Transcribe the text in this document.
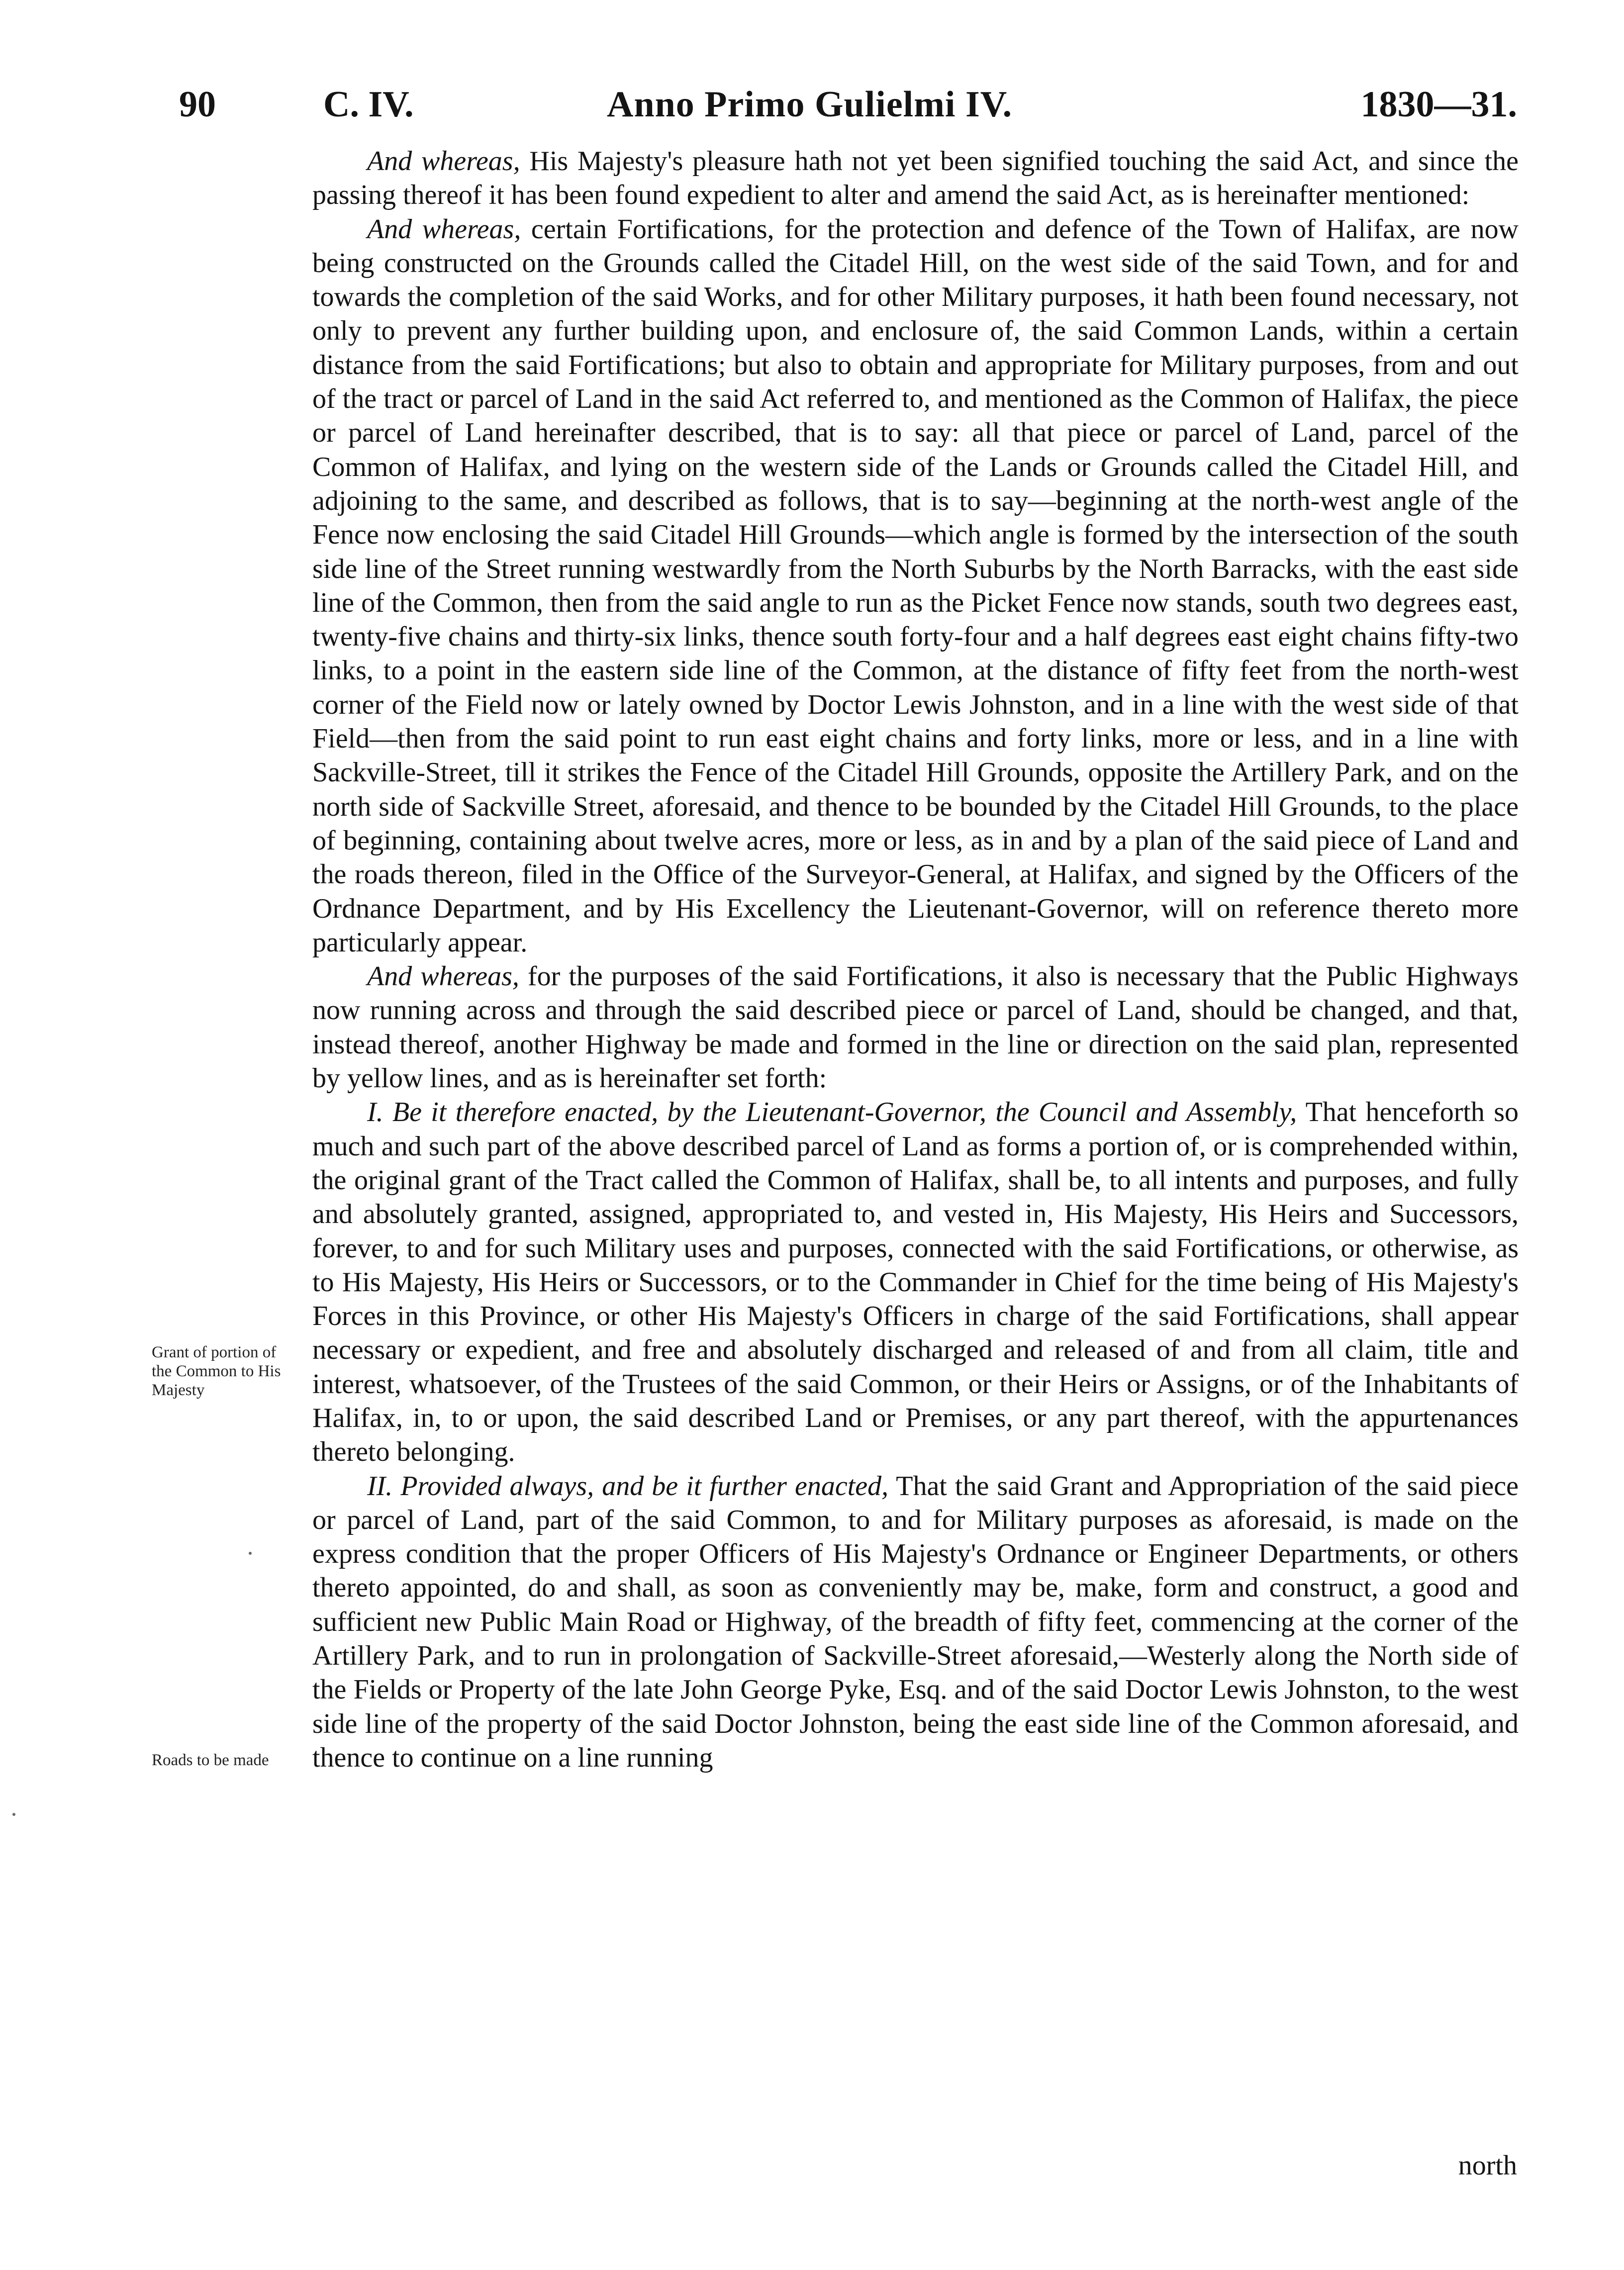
90	C. IV.	Anno Primo Gulielmi IV.	1830—31.
Grant of portion of the Common to His Majesty
Roads to be made

And whereas, His Majesty's pleasure hath not yet been signified touching the said Act, and since the passing thereof it has been found expedient to alter and amend the said Act, as is hereinafter mentioned:

And whereas, certain Fortifications, for the protection and defence of the Town of Halifax, are now being constructed on the Grounds called the Citadel Hill, on the west side of the said Town, and for and towards the completion of the said Works, and for other Military purposes, it hath been found necessary, not only to prevent any further building upon, and enclosure of, the said Common Lands, within a certain distance from the said Fortifications; but also to obtain and appropriate for Military purposes, from and out of the tract or parcel of Land in the said Act referred to, and mentioned as the Common of Halifax, the piece or parcel of Land hereinafter described, that is to say: all that piece or parcel of Land, parcel of the Common of Halifax, and lying on the western side of the Lands or Grounds called the Citadel Hill, and adjoining to the same, and described as follows, that is to say—beginning at the north-west angle of the Fence now enclosing the said Citadel Hill Grounds—which angle is formed by the intersection of the south side line of the Street running westwardly from the North Suburbs by the North Barracks, with the east side line of the Common, then from the said angle to run as the Picket Fence now stands, south two degrees east, twenty-five chains and thirty-six links, thence south forty-four and a half degrees east eight chains fifty-two links, to a point in the eastern side line of the Common, at the distance of fifty feet from the north-west corner of the Field now or lately owned by Doctor Lewis Johnston, and in a line with the west side of that Field—then from the said point to run east eight chains and forty links, more or less, and in a line with Sackville-Street, till it strikes the Fence of the Citadel Hill Grounds, opposite the Artillery Park, and on the north side of Sackville Street, aforesaid, and thence to be bounded by the Citadel Hill Grounds, to the place of beginning, containing about twelve acres, more or less, as in and by a plan of the said piece of Land and the roads thereon, filed in the Office of the Surveyor-General, at Halifax, and signed by the Officers of the Ordnance Department, and by His Excellency the Lieutenant-Governor, will on reference thereto more particularly appear.

And whereas, for the purposes of the said Fortifications, it also is necessary that the Public Highways now running across and through the said described piece or parcel of Land, should be changed, and that, instead thereof, another Highway be made and formed in the line or direction on the said plan, represented by yellow lines, and as is hereinafter set forth:

I. Be it therefore enacted, by the Lieutenant-Governor, the Council and Assembly, That henceforth so much and such part of the above described parcel of Land as forms a portion of, or is comprehended within, the original grant of the Tract called the Common of Halifax, shall be, to all intents and purposes, and fully and absolutely granted, assigned, appropriated to, and vested in, His Majesty, His Heirs and Successors, forever, to and for such Military uses and purposes, connected with the said Fortifications, or otherwise, as to His Majesty, His Heirs or Successors, or to the Commander in Chief for the time being of His Majesty's Forces in this Province, or other His Majesty's Officers in charge of the said Fortifications, shall appear necessary or expedient, and free and absolutely discharged and released of and from all claim, title and interest, whatsoever, of the Trustees of the said Common, or their Heirs or Assigns, or of the Inhabitants of Halifax, in, to or upon, the said described Land or Premises, or any part thereof, with the appurtenances thereto belonging.

II. Provided always, and be it further enacted, That the said Grant and Appropriation of the said piece or parcel of Land, part of the said Common, to and for Military purposes as aforesaid, is made on the express condition that the proper Officers of His Majesty's Ordnance or Engineer Departments, or others thereto appointed, do and shall, as soon as conveniently may be, make, form and construct, a good and sufficient new Public Main Road or Highway, of the breadth of fifty feet, commencing at the corner of the Artillery Park, and to run in prolongation of Sackville-Street aforesaid,—Westerly along the North side of the Fields or Property of the late John George Pyke, Esq. and of the said Doctor Lewis Johnston, to the west side line of the property of the said Doctor Johnston, being the east side line of the Common aforesaid, and thence to continue on a line running

north
